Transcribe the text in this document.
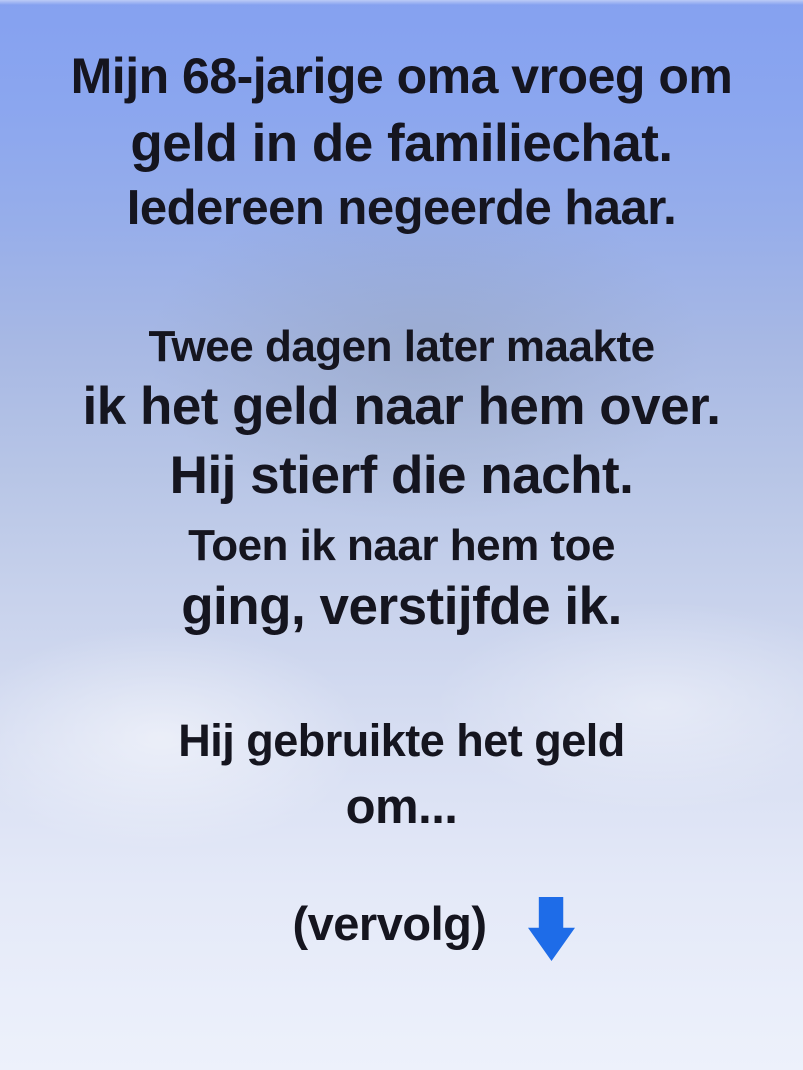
Mijn 68-jarige oma vroeg om
geld in de familiechat.
Iedereen negeerde haar.
Twee dagen later maakte
ik het geld naar hem over.
Hij stierf die nacht.
Toen ik naar hem toe
ging, verstijfde ik.
Hij gebruikte het geld
om...
(vervolg)
